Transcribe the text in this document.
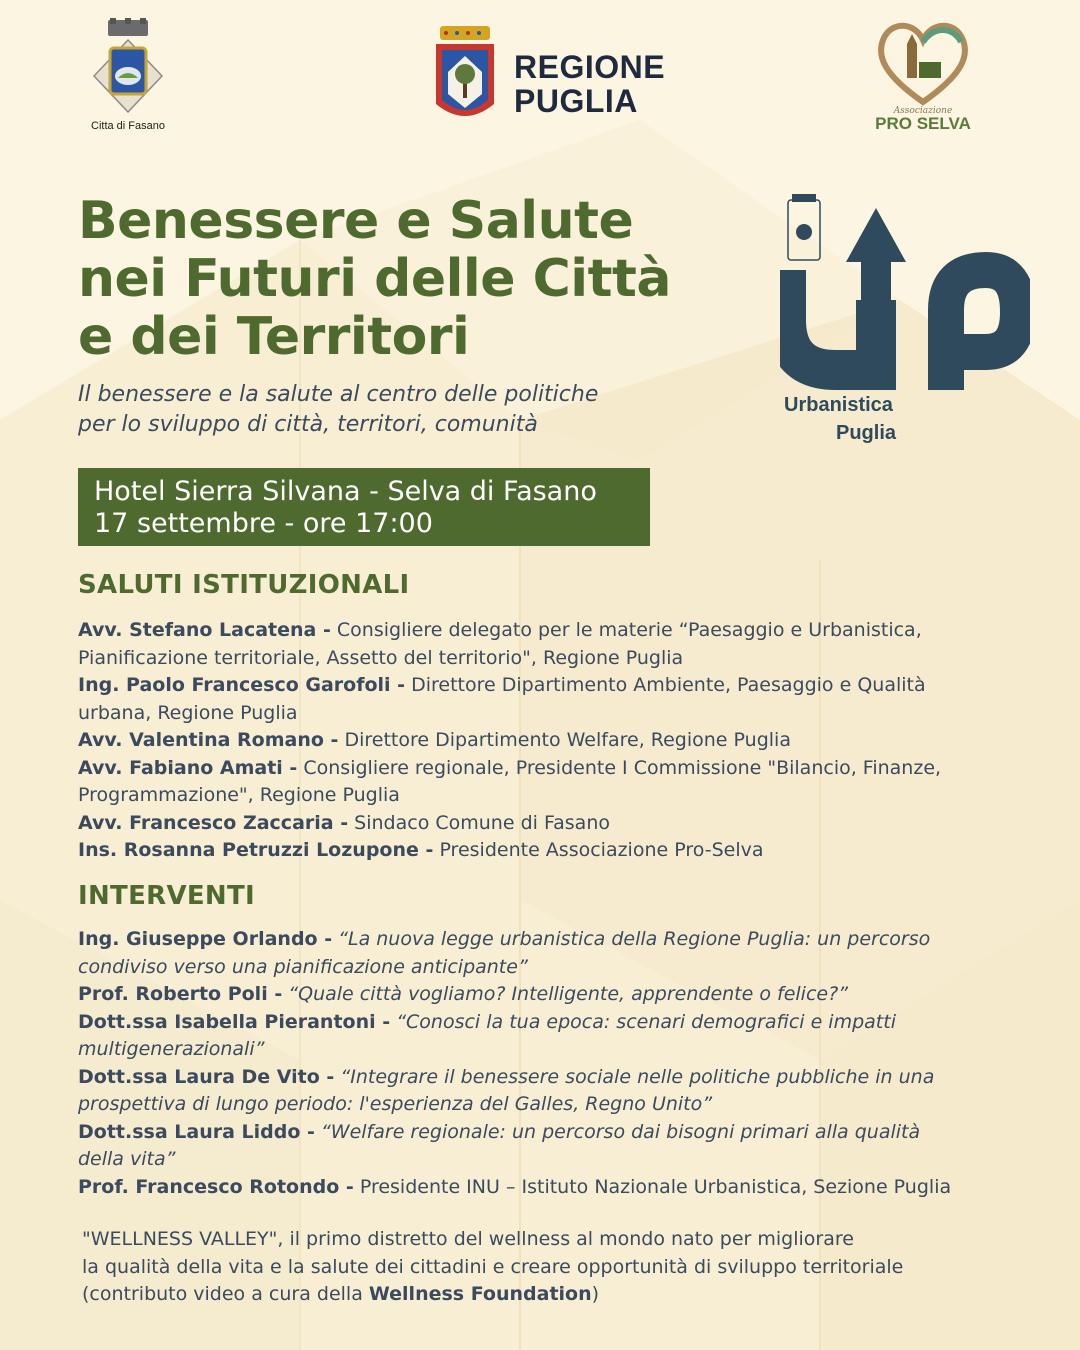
Citta di Fasano
REGIONE
PUGLIA	Associazione
PRO SELVA
Benessere e Salute
nei Futuri delle Città
e dei Territori
Il benessere e la salute al centro delle politiche
per lo sviluppo di città, territori, comunità
Urbanistica
Puglia
Hotel Sierra Silvana - Selva di Fasano
17 settembre - ore 17:00
SALUTI ISTITUZIONALI

Avv. Stefano Lacatena - Consigliere delegato per le materie “Paesaggio e Urbanistica,
Pianificazione territoriale, Assetto del territorio", Regione Puglia

Ing. Paolo Francesco Garofoli - Direttore Dipartimento Ambiente, Paesaggio e Qualità
urbana, Regione Puglia

Avv. Valentina Romano - Direttore Dipartimento Welfare, Regione Puglia

Avv. Fabiano Amati - Consigliere regionale, Presidente I Commissione "Bilancio, Finanze,
Programmazione", Regione Puglia

Avv. Francesco Zaccaria - Sindaco Comune di Fasano

Ins. Rosanna Petruzzi Lozupone - Presidente Associazione Pro-Selva

INTERVENTI

Ing. Giuseppe Orlando - “La nuova legge urbanistica della Regione Puglia: un percorso
condiviso verso una pianificazione anticipante”

Prof. Roberto Poli - “Quale città vogliamo? Intelligente, apprendente o felice?”

Dott.ssa Isabella Pierantoni - “Conosci la tua epoca: scenari demografici e impatti
multigenerazionali”

Dott.ssa Laura De Vito - “Integrare il benessere sociale nelle politiche pubbliche in una
prospettiva di lungo periodo: l'esperienza del Galles, Regno Unito”

Dott.ssa Laura Liddo - “Welfare regionale: un percorso dai bisogni primari alla qualità
della vita”

Prof. Francesco Rotondo - Presidente INU – Istituto Nazionale Urbanistica, Sezione Puglia

"WELLNESS VALLEY", il primo distretto del wellness al mondo nato per migliorare
la qualità della vita e la salute dei cittadini e creare opportunità di sviluppo territoriale
(contributo video a cura della Wellness Foundation)
